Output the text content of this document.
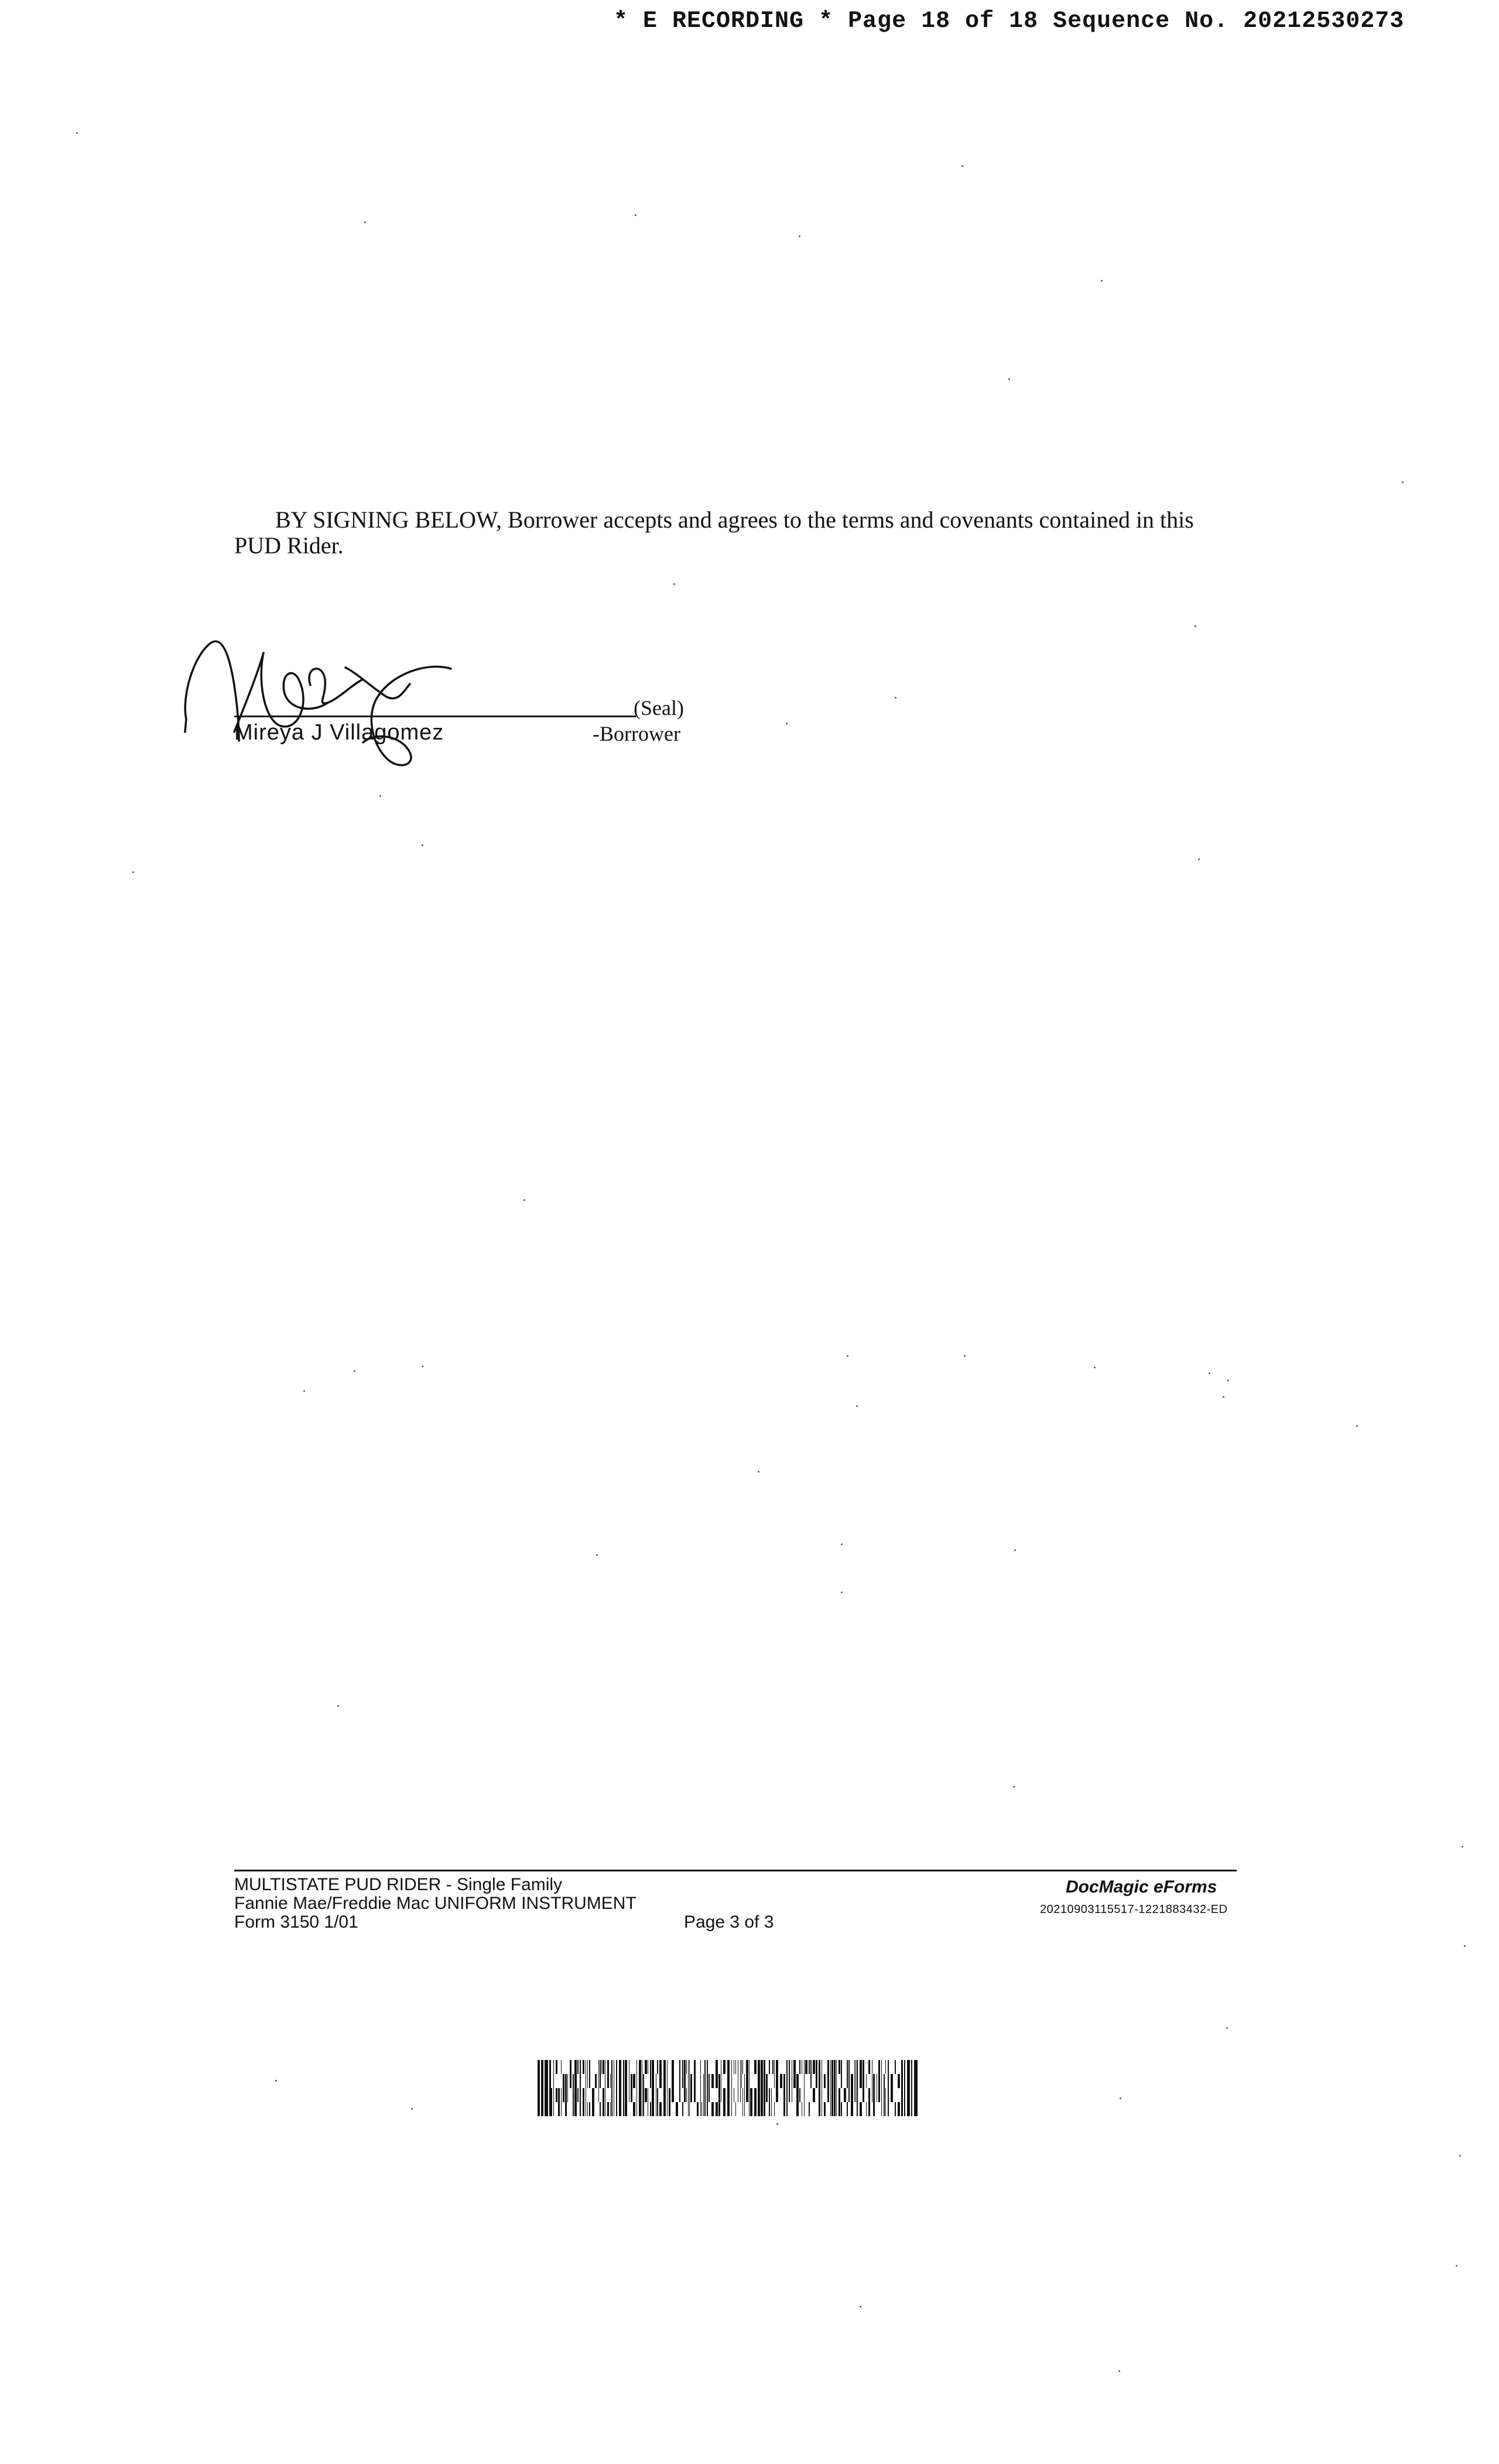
* E RECORDING * Page 18 of 18 Sequence No. 20212530273
BY SIGNING BELOW, Borrower accepts and agrees to the terms and covenants contained in this PUD Rider.
(Seal)
Mireya J Villagomez	-Borrower
MULTISTATE PUD RIDER - Single Family
Fannie Mae/Freddie Mac UNIFORM INSTRUMENT
Form 3150 1/01	Page 3 of 3
DocMagic eForms
20210903115517-1221883432-ED
